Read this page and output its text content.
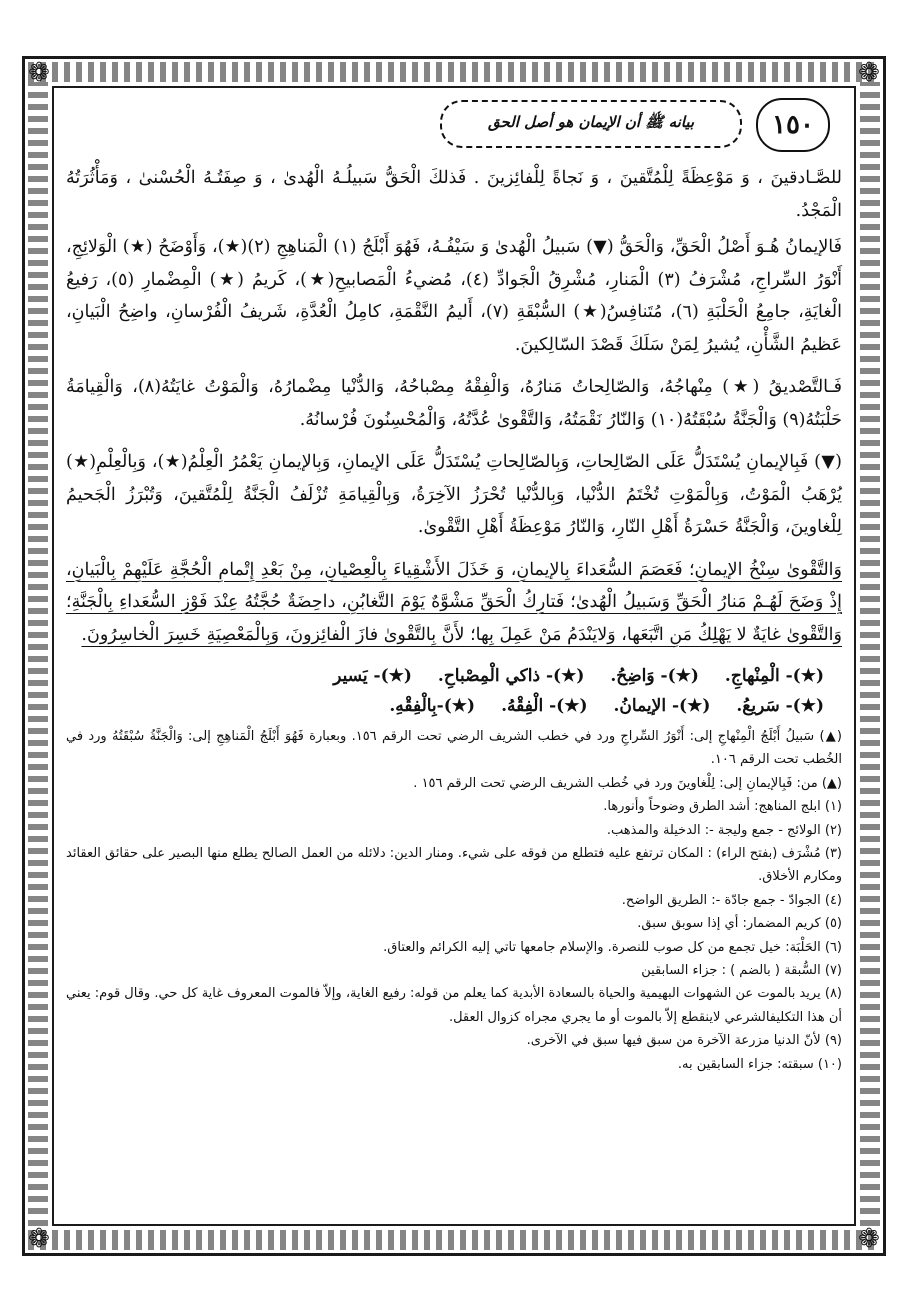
❁	❁
❁	❁
١٥٠
بيانه ﷺ أن الإيمان هو أصل الحق

للصَّـادقينَ ، وَ مَوْعِظَةً لِلْمُتَّقينَ ، وَ نَجاةً لِلْفائِزينَ . فَذلكَ الْحَقُّ سَبيلُـهُ الْهُدىٰ ، وَ صِفَتُـهُ الْحُسْنىٰ ، وَمَأْثُرَتُهُ الْمَجْدُ.

فَالإيمانُ هُـوَ أَصْلُ الْحَقِّ، وَالْحَقُّ (▼) سَبيلُ الْهُدىٰ وَ سَيْفُـهُ، فَهُوَ أَبْلَجُ (١) الْمَناهِجِ (٢)(★)، وَأَوْضَحُ (★) الْوَلائِجِ، أَنْوَرُ السِّراجِ، مُشْرَفُ (٣) الْمَنارِ، مُشْرِقُ الْجَوادِّ (٤)، مُضيءُ الْمَصابيحِ(★)، كَريمُ (★) الْمِضْمارِ (٥)، رَفيعُ الْغايَةِ، جامِعُ الْحَلْبَةِ (٦)، مُتَنافِسُ(★) السُّبْقَةِ (٧)، أَليمُ النَّقْمَةِ، كامِلُ الْعُدَّةِ، شَريفُ الْفُرْسانِ، واضِحُ الْبَيانِ، عَظيمُ الشَّأْنِ، يُشيرُ لِمَنْ سَلَكَ قَصْدَ السّالِكينَ.

فَـالتَّصْديقُ (★) مِنْهاجُهُ، وَالصّالِحاتُ مَنارُهُ، وَالْفِقْهُ مِصْباحُهُ، وَالدُّنْيا مِضْمارُهُ، وَالْمَوْتُ غايَتُهُ(٨)، وَالْقِيامَةُ حَلْبَتُهُ(٩) وَالْجَنَّةُ سُبْقَتُهُ(١٠) وَالنّارُ نَقْمَتُهُ، وَالتَّقْوىٰ عُدَّتُهُ، وَالْمُحْسِنُونَ فُرْسانُهُ.

(▼) فَبِالإيمانِ يُسْتَدَلُّ عَلَى الصّالِحاتِ، وَبِالصّالِحاتِ يُسْتَدَلُّ عَلَى الإيمانِ، وَبِالإيمانِ يَعْمُرُ الْعِلْمُ(★)، وَبِالْعِلْمِ(★) يُرْهَبُ الْمَوْتُ، وَبِالْمَوْتِ تُخْتَمُ الدُّنْيا، وَبِالدُّنْيا تُحْرَزُ الآخِرَةُ، وَبِالْقِيامَةِ تُزْلَفُ الْجَنَّةُ لِلْمُتَّقينَ، وَتُبْرَزُ الْجَحيمُ لِلْغاوينَ، وَالْجَنَّةُ حَسْرَةُ أَهْلِ النّارِ، وَالنّارُ مَوْعِظَةُ أَهْلِ التَّقْوىٰ.

وَالتَّقْوىٰ سِنْخُ الإيمانِ؛ فَعَصَمَ السُّعَداءَ بِالإيمانِ، وَ خَذَلَ الأَشْقِياءَ بِالْعِصْيانِ، مِنْ بَعْدِ إِتْمامِ الْحُجَّةِ عَلَيْهِمْ بِالْبَيانِ، إِذْ وَضَحَ لَهُـمْ مَنارُ الْحَقِّ وَسَبيلُ الْهُدىٰ؛ فَتارِكُ الْحَقِّ مَشْوَّهٌ يَوْمَ التَّغابُنِ، داحِضَةٌ حُجَّتُهُ عِنْدَ فَوْزِ السُّعَداءِ بِالْجَنَّةِ؛ وَالتَّقْوىٰ غايَةٌ لا يَهْلِكُ مَنِ اتَّبَعَها، وَلايَنْدَمُ مَنْ عَمِلَ بِها؛ لأَنَّ بِالتَّقْوىٰ فازَ الْفائِزونَ، وَبِالْمَعْصِيَةِ خَسِرَ الْخاسِرُونَ.

(★)- الْمِنْهاجِ.
(★)- وَاضِحُ.
(★)- ذاكي الْمِصْباحِ.
(★)- يَسير
(★)- سَريعُ.
(★)- الإيمانُ.
(★)- الْفِقْهُ.
(★)-بِالْفِقْهِ.
(▲) سَبيلُ أَبْلَجُ الْمِنْهاجِ إلى: أَنْوَرُ السِّراجِ ورد في خطب الشريف الرضي تحت الرقم ١٥٦. وبعبارة فَهُوَ أَبْلَجُ الْمَناهِجِ إلى: وَالْجَنَّةُ سُبْقَتُهُ ورد في الخُطب تحت الرقم ١٠٦.
(▲) من: فَبِالإيمانِ إلى: لِلْغاوينَ ورد في خُطب الشريف الرضي تحت الرقم ١٥٦ .
(١) ابلج المناهج: أشد الطرق وضوحاً وأنورها.
(٢) الولائج - جمع وليجة -: الدخيلة والمذهب.
(٣) مُشْرَف (بفتح الراء) : المكان ترتفع عليه فتطلع من فوقه على شيء. ومنار الدين: دلائله من العمل الصالح يطلع منها البصير على حقائق العقائد ومكارم الأخلاق.
(٤) الجوادّ - جمع جادّة -: الطريق الواضح.
(٥) كريم المضمار: أي إذا سوبق سبق.
(٦) الحَلْبَة: خيل تجمع من كل صوب للنصرة. والإسلام جامعها تاتي إليه الكرائم والعتاق.
(٧) السُّبقة ( بالضم ) : جزاء السابقين
(٨) يريد بالموت عن الشهوات البهيمية والحياة بالسعادة الأبدية كما يعلم من قوله: رفيع الغاية، وإلاّ فالموت المعروف غاية كل حي. وقال قوم: يعني أن هذا التكليفالشرعي لاينقطع إلاّ بالموت أو ما يجري مجراه كزوال العقل.
(٩) لأنّ الدنيا مزرعة الآخرة من سبق فيها سبق في الآخرى.
(١٠) سبقته: جزاء السابقين به.
